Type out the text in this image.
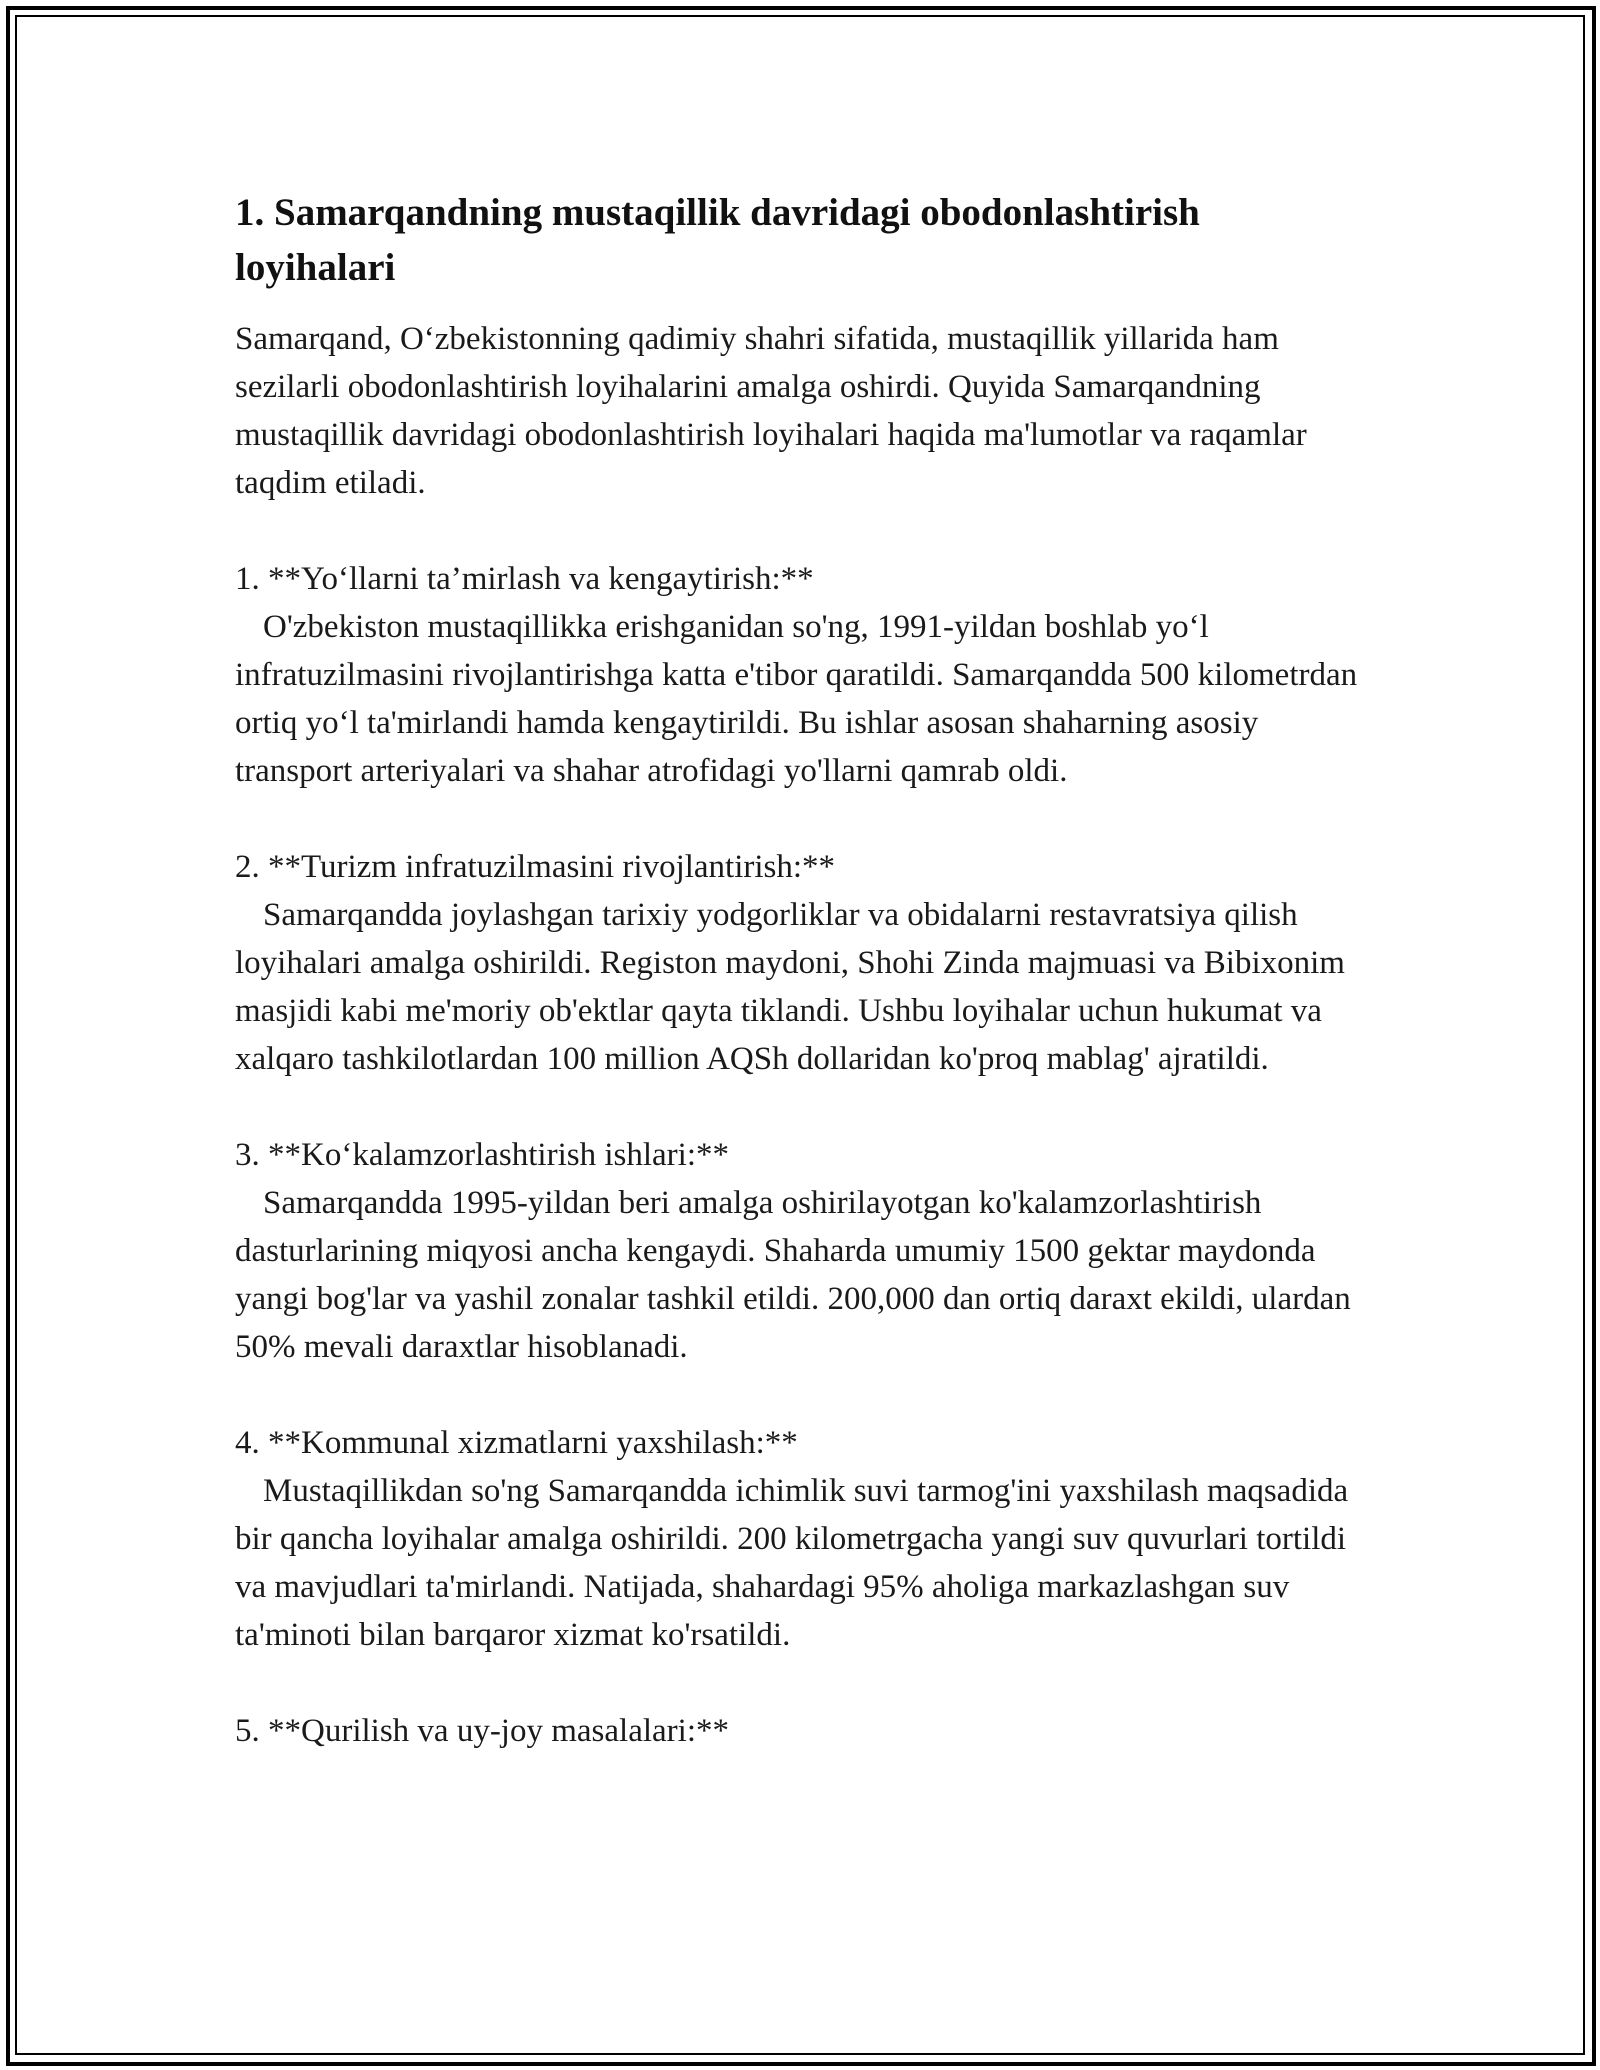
1. Samarqandning mustaqillik davridagi obodonlashtirish loyihalari

Samarqand, O‘zbekistonning qadimiy shahri sifatida, mustaqillik yillarida ham sezilarli obodonlashtirish loyihalarini amalga oshirdi. Quyida Samarqandning mustaqillik davridagi obodonlashtirish loyihalari haqida ma'lumotlar va raqamlar taqdim etiladi.

1. **Yo‘llarni ta’mirlash va kengaytirish:**

O'zbekiston mustaqillikka erishganidan so'ng, 1991-yildan boshlab yo‘l infratuzilmasini rivojlantirishga katta e'tibor qaratildi. Samarqandda 500 kilometrdan ortiq yo‘l ta'mirlandi hamda kengaytirildi. Bu ishlar asosan shaharning asosiy transport arteriyalari va shahar atrofidagi yo'llarni qamrab oldi.

2. **Turizm infratuzilmasini rivojlantirish:**

Samarqandda joylashgan tarixiy yodgorliklar va obidalarni restavratsiya qilish loyihalari amalga oshirildi. Registon maydoni, Shohi Zinda majmuasi va Bibixonim masjidi kabi me'moriy ob'ektlar qayta tiklandi. Ushbu loyihalar uchun hukumat va xalqaro tashkilotlardan 100 million AQSh dollaridan ko'proq mablag' ajratildi.

3. **Ko‘kalamzorlashtirish ishlari:**

Samarqandda 1995-yildan beri amalga oshirilayotgan ko'kalamzorlashtirish dasturlarining miqyosi ancha kengaydi. Shaharda umumiy 1500 gektar maydonda yangi bog'lar va yashil zonalar tashkil etildi. 200,000 dan ortiq daraxt ekildi, ulardan 50% mevali daraxtlar hisoblanadi.

4. **Kommunal xizmatlarni yaxshilash:**

Mustaqillikdan so'ng Samarqandda ichimlik suvi tarmog'ini yaxshilash maqsadida bir qancha loyihalar amalga oshirildi. 200 kilometrgacha yangi suv quvurlari tortildi va mavjudlari ta'mirlandi. Natijada, shahardagi 95% aholiga markazlashgan suv ta'minoti bilan barqaror xizmat ko'rsatildi.

5. **Qurilish va uy-joy masalalari:**
